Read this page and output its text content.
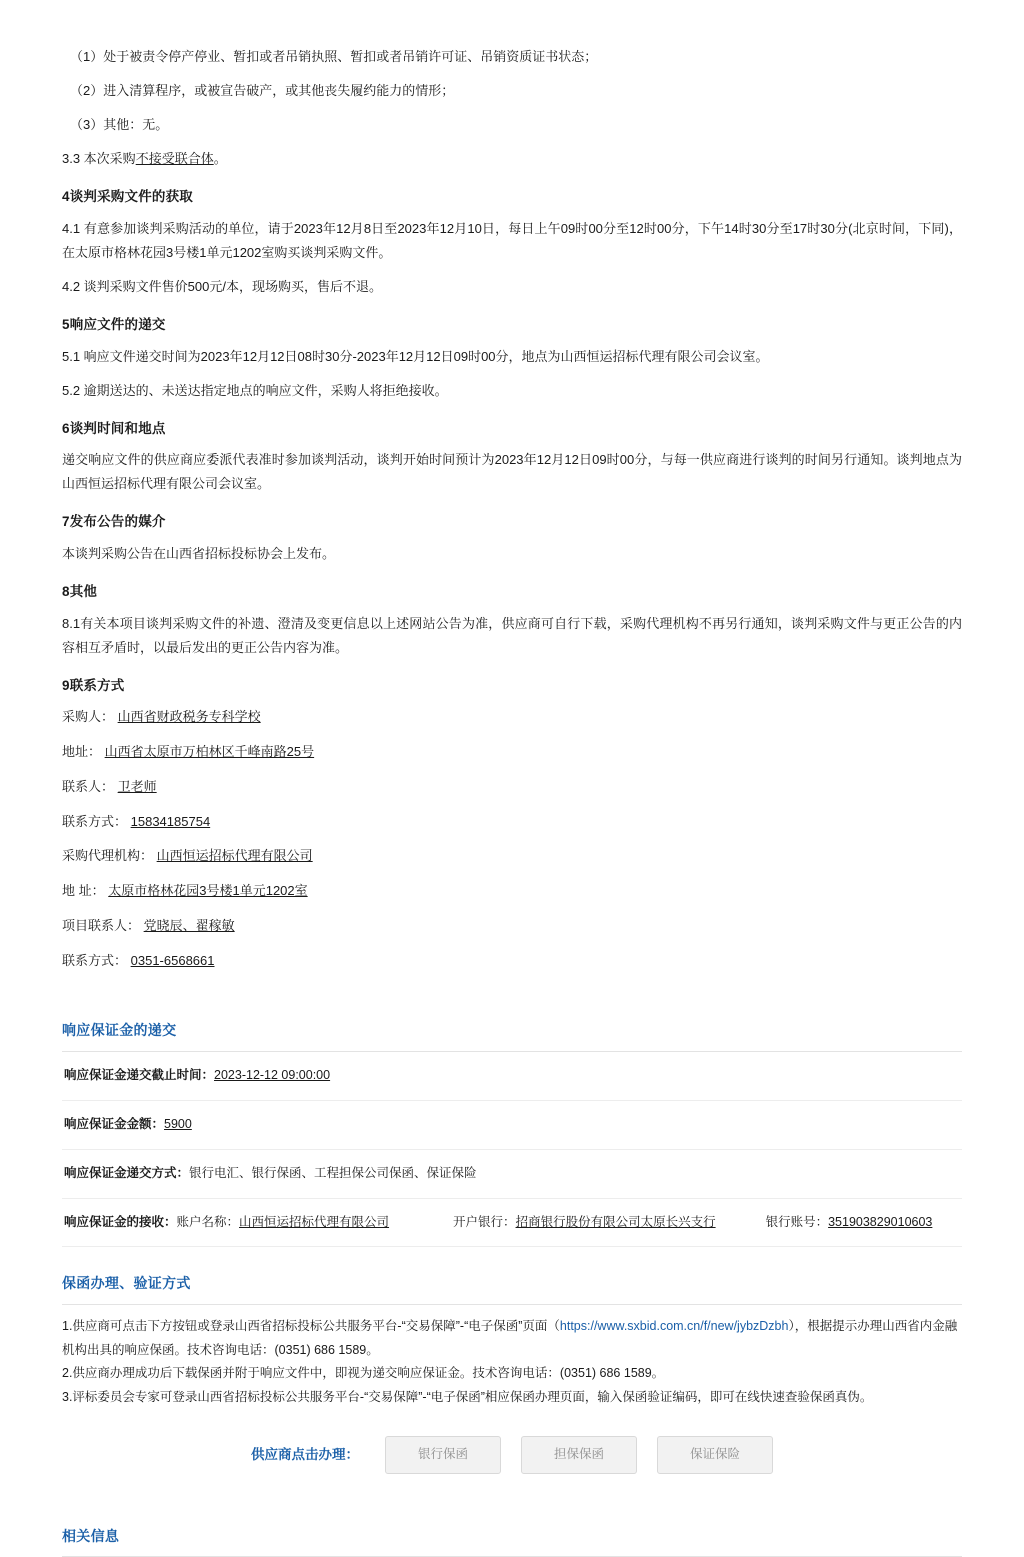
（1）处于被责令停产停业、暂扣或者吊销执照、暂扣或者吊销许可证、吊销资质证书状态；

（2）进入清算程序，或被宣告破产，或其他丧失履约能力的情形；

（3）其他：无。

3.3 本次采购不接受联合体。

4谈判采购文件的获取

4.1 有意参加谈判采购活动的单位，请于2023年12月8日至2023年12月10日，每日上午09时00分至12时00分，下午14时30分至17时30分(北京时间，下同)，在太原市格林花园3号楼1单元1202室购买谈判采购文件。

4.2 谈判采购文件售价500元/本，现场购买，售后不退。

5响应文件的递交

5.1 响应文件递交时间为2023年12月12日08时30分-2023年12月12日09时00分，地点为山西恒运招标代理有限公司会议室。

5.2 逾期送达的、未送达指定地点的响应文件，采购人将拒绝接收。

6谈判时间和地点

递交响应文件的供应商应委派代表准时参加谈判活动，谈判开始时间预计为2023年12月12日09时00分，与每一供应商进行谈判的时间另行通知。谈判地点为山西恒运招标代理有限公司会议室。

7发布公告的媒介

本谈判采购公告在山西省招标投标协会上发布。

8其他

8.1有关本项目谈判采购文件的补遗、澄清及变更信息以上述网站公告为准，供应商可自行下载，采购代理机构不再另行通知，谈判采购文件与更正公告的内容相互矛盾时，以最后发出的更正公告内容为准。

9联系方式

采购人： 山西省财政税务专科学校

地址： 山西省太原市万柏林区千峰南路25号

联系人： 卫老师

联系方式： 15834185754

采购代理机构： 山西恒运招标代理有限公司

地 址： 太原市格林花园3号楼1单元1202室

项目联系人： 党晓辰、翟稼敏

联系方式： 0351-6568661

响应保证金的递交
响应保证金递交截止时间：2023-12-12 09:00:00
响应保证金金额：5900
响应保证金递交方式：银行电汇、银行保函、工程担保公司保函、保证保险
响应保证金的接收： 账户名称：山西恒运招标代理有限公司	开户银行：招商银行股份有限公司太原长兴支行	银行账号：351903829010603
保函办理、验证方式
1.供应商可点击下方按钮或登录山西省招标投标公共服务平台-“交易保障”-“电子保函”页面（https://www.sxbid.com.cn/f/new/jybzDzbh），根据提示办理山西省内金融机构出具的响应保函。技术咨询电话：(0351) 686 1589。
2.供应商办理成功后下载保函并附于响应文件中，即视为递交响应保证金。技术咨询电话：(0351) 686 1589。
3.评标委员会专家可登录山西省招标投标公共服务平台-“交易保障”-“电子保函”相应保函办理页面，输入保函验证编码，即可在线快速查验保函真伪。
供应商点击办理：	银行保函	担保保函	保证保险
相关信息
